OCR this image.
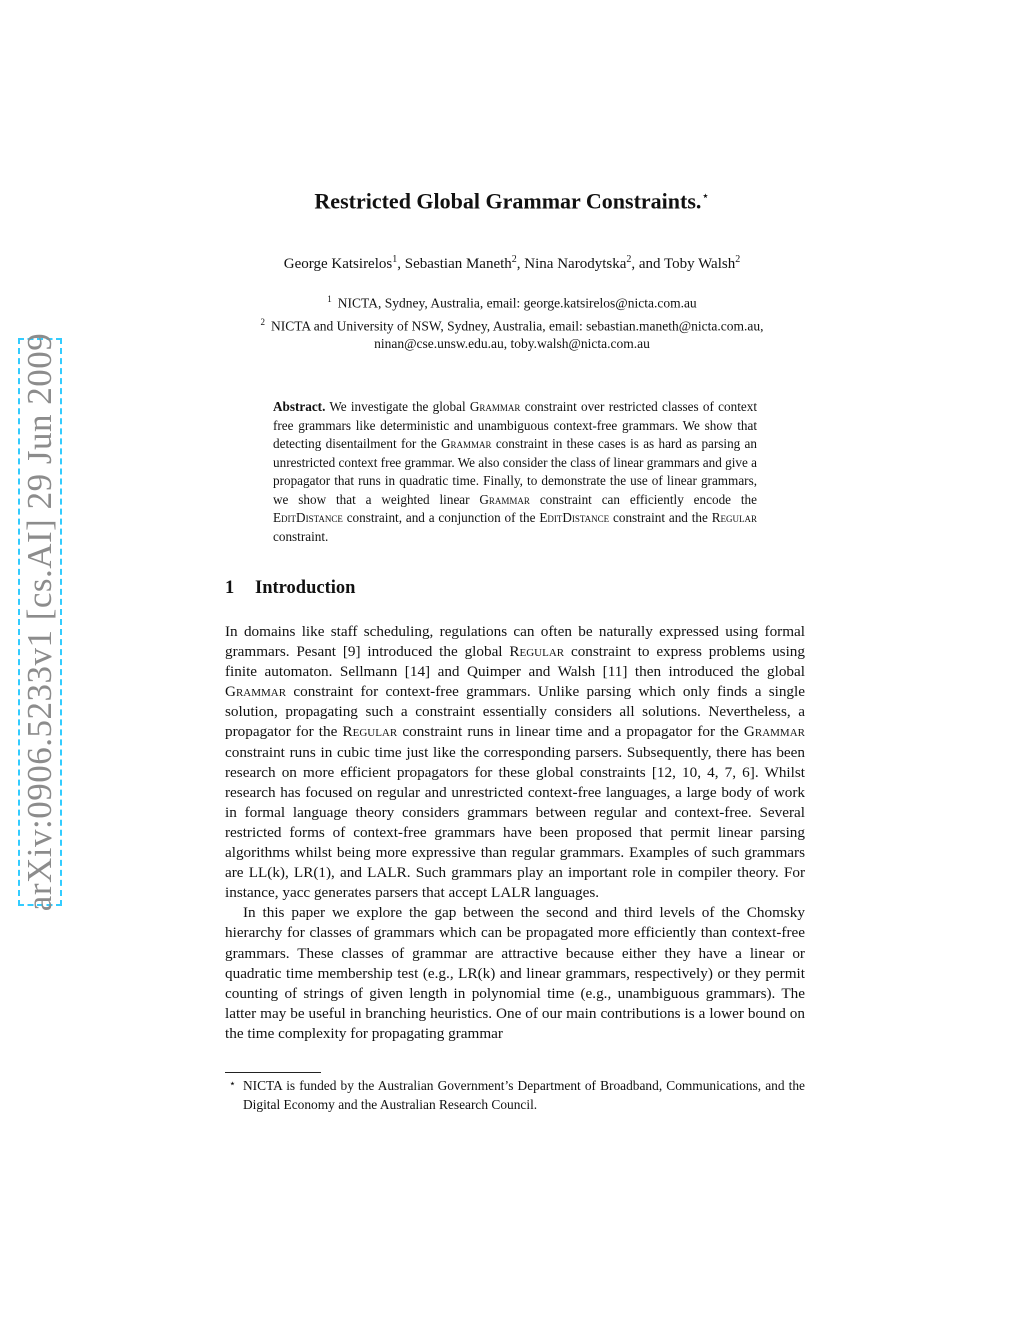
arXiv:0906.5233v1 [cs.AI] 29 Jun 2009
Restricted Global Grammar Constraints.⋆
George Katsirelos$^1$, Sebastian Maneth$^2$, Nina Narodytska$^2$, and Toby Walsh$^2$
$^1$ NICTA, Sydney, Australia, email: george.katsirelos@nicta.com.au
$^2$ NICTA and University of NSW, Sydney, Australia, email: sebastian.maneth@nicta.com.au,
ninan@cse.unsw.edu.au, toby.walsh@nicta.com.au
Abstract. We investigate the global Grammar constraint over restricted classes of context free grammars like deterministic and unambiguous context-free grammars. We show that detecting disentailment for the Grammar constraint in these cases is as hard as parsing an unrestricted context free grammar. We also consider the class of linear grammars and give a propagator that runs in quadratic time. Finally, to demonstrate the use of linear grammars, we show that a weighted linear Grammar constraint can efficiently encode the EditDistance constraint, and a conjunction of the EditDistance constraint and the Regular constraint.
1 Introduction

In domains like staff scheduling, regulations can often be naturally expressed using formal grammars. Pesant [9] introduced the global Regular constraint to express problems using finite automaton. Sellmann [14] and Quimper and Walsh [11] then introduced the global Grammar constraint for context-free grammars. Unlike parsing which only finds a single solution, propagating such a constraint essentially considers all solutions. Nevertheless, a propagator for the Regular constraint runs in linear time and a propagator for the Grammar constraint runs in cubic time just like the corresponding parsers. Subsequently, there has been research on more efficient propagators for these global constraints [12, 10, 4, 7, 6]. Whilst research has focused on regular and unrestricted context-free languages, a large body of work in formal language theory considers grammars between regular and context-free. Several restricted forms of context-free grammars have been proposed that permit linear parsing algorithms whilst being more expressive than regular grammars. Examples of such grammars are LL(k), LR(1), and LALR. Such grammars play an important role in compiler theory. For instance, yacc generates parsers that accept LALR languages.

In this paper we explore the gap between the second and third levels of the Chomsky hierarchy for classes of grammars which can be propagated more efficiently than context-free grammars. These classes of grammar are attractive because either they have a linear or quadratic time membership test (e.g., LR(k) and linear grammars, respectively) or they permit counting of strings of given length in polynomial time (e.g., unambiguous grammars). The latter may be useful in branching heuristics. One of our main contributions is a lower bound on the time complexity for propagating grammar

⋆ NICTA is funded by the Australian Government’s Department of Broadband, Communications, and the Digital Economy and the Australian Research Council.
